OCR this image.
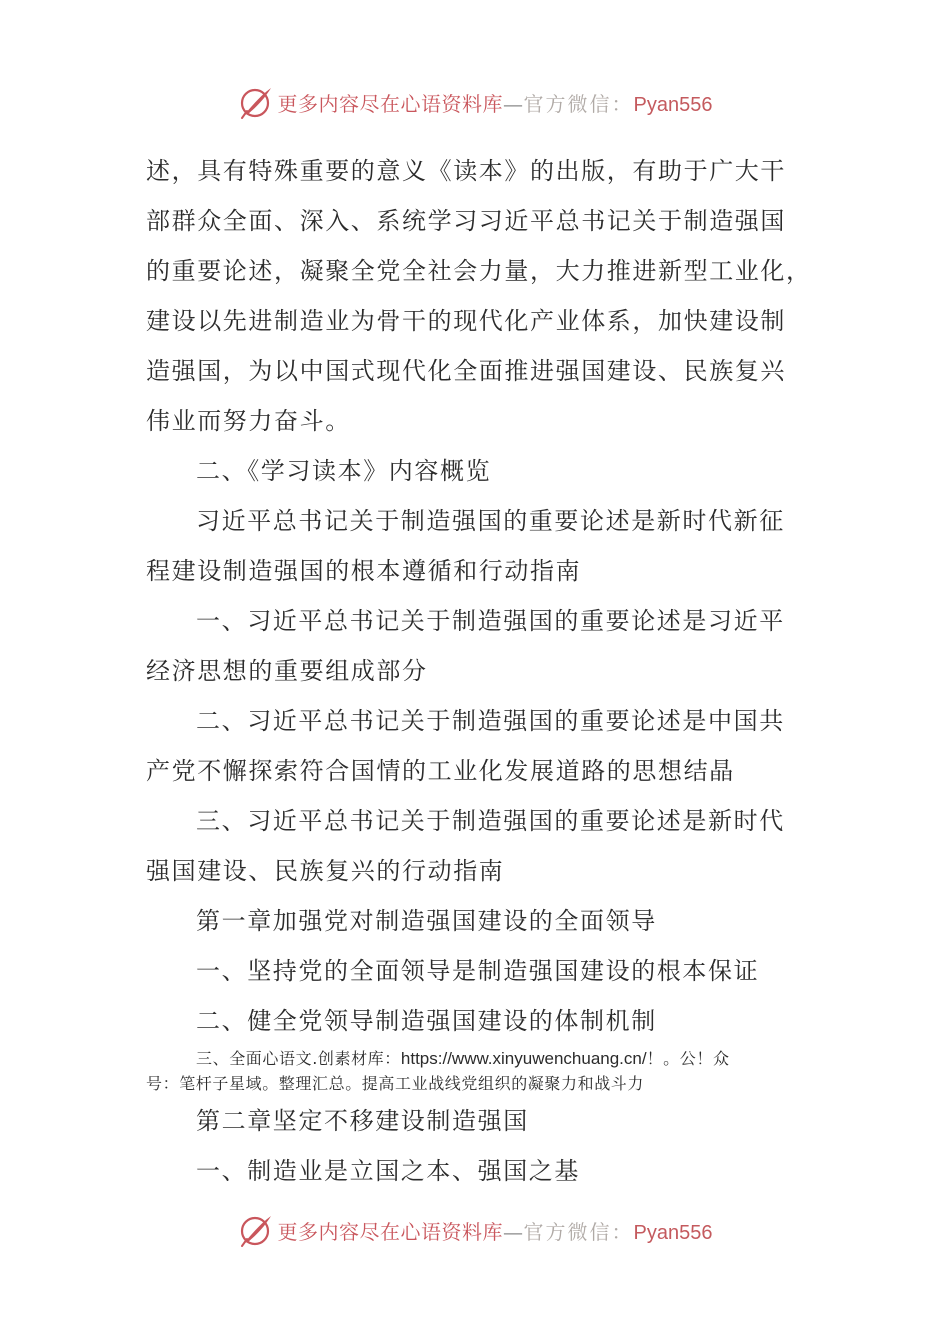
更多内容尽在心语资料库—官方微信：Pyan556
述，具有特殊重要的意义《读本》的出版，有助于广大干
部群众全面、深入、系统学习习近平总书记关于制造强国
的重要论述，凝聚全党全社会力量，大力推进新型工业化，
建设以先进制造业为骨干的现代化产业体系，加快建设制
造强国，为以中国式现代化全面推进强国建设、民族复兴
伟业而努力奋斗。
二、《学习读本》内容概览
习近平总书记关于制造强国的重要论述是新时代新征
程建设制造强国的根本遵循和行动指南
一、习近平总书记关于制造强国的重要论述是习近平
经济思想的重要组成部分
二、习近平总书记关于制造强国的重要论述是中国共
产党不懈探索符合国情的工业化发展道路的思想结晶
三、习近平总书记关于制造强国的重要论述是新时代
强国建设、民族复兴的行动指南
第一章加强党对制造强国建设的全面领导
一、坚持党的全面领导是制造强国建设的根本保证
二、健全党领导制造强国建设的体制机制
三、全面心语文.创素材库：https://www.xinyuwenchuang.cn/！。公！众
号：笔杆子星域。整理汇总。提高工业战线党组织的凝聚力和战斗力
第二章坚定不移建设制造强国
一、制造业是立国之本、强国之基
更多内容尽在心语资料库—官方微信：Pyan556
